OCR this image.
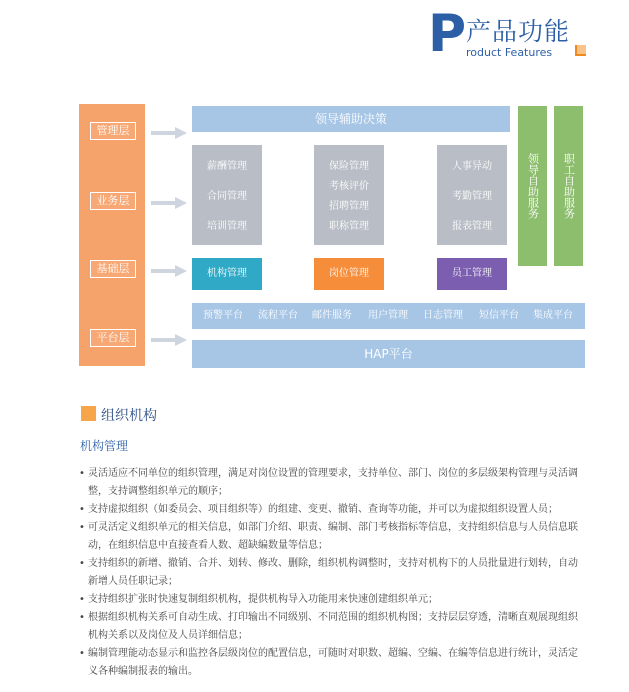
P 产品功能
roduct Features
管理层
业务层
基础层
平台层
领导辅助决策
领导自助服务	职工自助服务
薪酬管理
合同管理
培训管理
保险管理
考核评价
招聘管理
职称管理
人事异动
考勤管理
报表管理
机构管理	岗位管理	员工管理
预警平台 流程平台 邮件服务 用户管理 日志管理 短信平台 集成平台
HAP平台
组织机构
机构管理
• 灵活适应不同单位的组织管理，满足对岗位设置的管理要求，支持单位、部门、岗位的多层级架构管理与灵活调整，支持调整组织单元的顺序；
• 支持虚拟组织（如委员会、项目组织等）的组建、变更、撤销、查询等功能，并可以为虚拟组织设置人员；
• 可灵活定义组织单元的相关信息，如部门介绍、职责、编制、部门考核指标等信息，支持组织信息与人员信息联动，在组织信息中直接查看人数、超缺编数量等信息；
• 支持组织的新增、撤销、合并、划转、修改、删除，组织机构调整时，支持对机构下的人员批量进行划转，自动新增人员任职记录；
• 支持组织扩张时快速复制组织机构，提供机构导入功能用来快速创建组织单元；
• 根据组织机构关系可自动生成、打印输出不同级别、不同范围的组织机构图；支持层层穿透，清晰直观展现组织机构关系以及岗位及人员详细信息；
• 编制管理能动态显示和监控各层级岗位的配置信息，可随时对职数、超编、空编、在编等信息进行统计，灵活定义各种编制报表的输出。
